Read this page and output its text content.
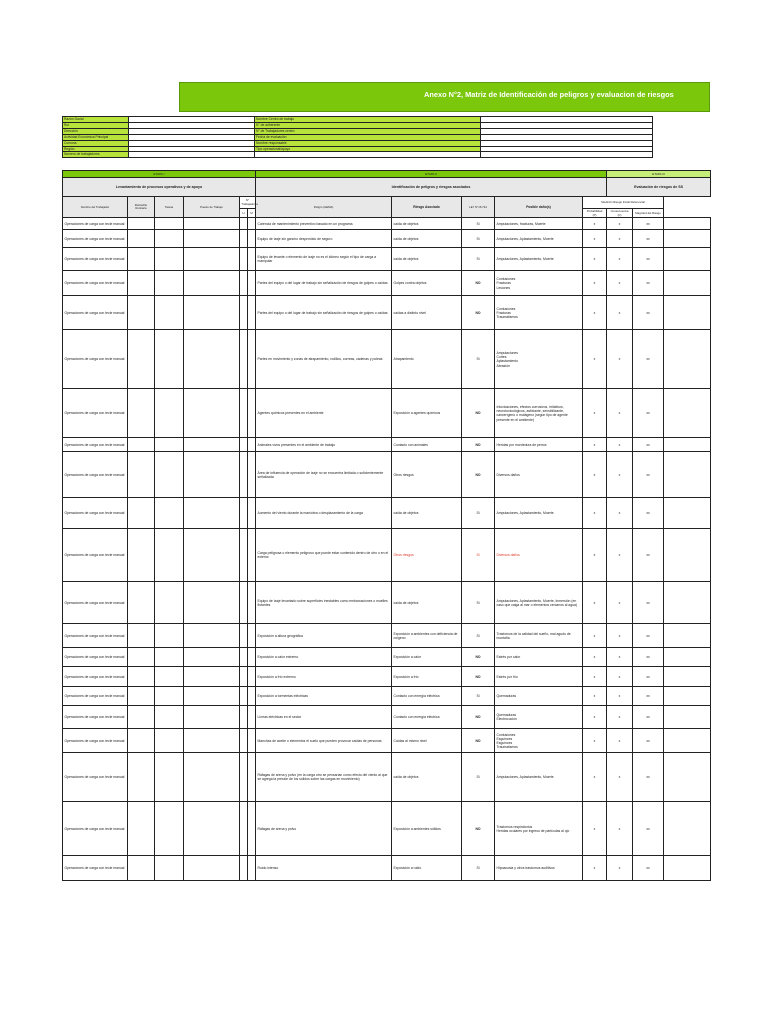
Anexo N°2, Matriz de Identificación de peligros y evaluacion de riesgos
Razón Social		Nombre Centro de trabajo	
Rut		N° de adherente	
Dirección		N° de Trabajadores centro	
Actividad Económica Principal		Fecha de evaluación	
Comuna		Nombre responsable	
Región		Tipo operacional/apoyo	
Número de trabajadores			
ETAPA I						ETAPA II					ETAPA III		
Levantamiento de procesos operativos y de apoyo						Identificación de peligros y riesgos asociados					Evaluación de riesgos de SS		
Nombre del Trabajador	Rutina/No Rutinaria	Tareas	Puesto de Trabajo	N° Trabajadores		Peligro (GEMA)	Riesgo Asociado	LEY N°16.744	Posible daño(s)	Medición Riesgo Inicial Referencial			
				H	M					Probabilidad (P)	Consecuencia (C)	Magnitud del Riesgo	
Operaciones de carga con tecle manual						Carencia de mantenimiento preventivo basado en un programa	caída de objetos	Si	Amputaciones, fracturas, Muerte	x	x	xx	
Operaciones de carga con tecle manual						Equipo de izaje sin gancho desprovisto de seguro	caída de objetos	Si	Amputaciones, Aplastamiento, Muerte	x	x	xx	
Operaciones de carga con tecle manual						Equipo de levante o elemento de izaje no es el idóneo según el tipo de carga a manipular	caída de objetos	Si	Amputaciones, Aplastamiento, Muerte	x	x	xx	
Operaciones de carga con tecle manual						Partes del equipo o del lugar de trabajo sin señalización de riesgos de golpes o caídas	Golpes contra objetos	NO	Contusiones
Fracturas
Lesiones	x	x	xx	
Operaciones de carga con tecle manual						Partes del equipo o del lugar de trabajo sin señalización de riesgos de golpes o caídas	caídas a distinto nivel	NO	Contusiones
Fracturas
Traumatismos	x	x	xx	
Operaciones de carga con tecle manual						Partes en movimiento y zonas de atrapamiento, rodillos, correas, cadenas y poleas	Atrapamiento	Si	Amputaciones
Cortes
Aplastamiento
Abrasión	x	x	xx	
Operaciones de carga con tecle manual						Agentes químicos presentes en el ambiente	Exposición a agentes químicos	NO	Intoxicaciones, efectos corrosivos, irritativos, neurotoxicológicos, asfixiante, sensibilizante, cancerígeno o mutágeno (según tipo de agente presente en el ambiente)	x	x	xx	
Operaciones de carga con tecle manual						Animales vivos presentes en el ambiente de trabajo	Contacto con animales	NO	Heridas por mordedura de perros	x	x	xx	
Operaciones de carga con tecle manual						Área de influencia de operación de izaje no se encuentra limitada o suficientemente señalizada	Otros riesgos	NO	Diversos daños	x	x	xx	
Operaciones de carga con tecle manual						Aumento del viento durante la maniobra o desplazamiento de la carga	caída de objetos	Si	Amputaciones, Aplastamiento, Muerte	x	x	xx	
Operaciones de carga con tecle manual						Carga peligrosa o elemento peligroso que puede estar contenido dentro de otro o en el exterior	Otros riesgos	Si	Diversos daños	x	x	xx	
Operaciones de carga con tecle manual						Equipo de izaje levantado sobre superficies inestables como embarcaciones o muelles flotantes	caída de objetos	Si	Amputaciones, Aplastamiento, Muerte, Inmersión (en caso que caiga al mar o elementos cercanos al agua)	x	x	xx	
Operaciones de carga con tecle manual						Exposición a altura geográfica	Exposición a ambientes con deficiencia de oxígeno	Si	Trastornos de la calidad del sueño, mal agudo de montaña	x	x	xx	
Operaciones de carga con tecle manual						Exposición a calor extremo	Exposición a calor	NO	Estrés por calor	x	x	xx	
Operaciones de carga con tecle manual						Exposición a frío extremo	Exposición a frío	NO	Estrés por frío	x	x	xx	
Operaciones de carga con tecle manual						Exposición a tormentas eléctricas	Contacto con energía eléctrica	Si	Quemaduras	x	x	xx	
Operaciones de carga con tecle manual						Líneas eléctricas en el sector	Contacto con energía eléctrica	NO	Quemaduras
Electrocución	x	x	xx	
Operaciones de carga con tecle manual						Manchas de aceite o elementos el suelo que pueden provocar caídas de personas	Caídas al mismo nivel	NO	Contusiones
Esguinces
Esguinces
Traumatismos	x	x	xx	
Operaciones de carga con tecle manual						Ráfagas de arena y polvo (en la carga otro se pensarían como efecto del viento al que se agrega la presión de los sólidos sobre las cargas en movimiento)	caída de objetos	Si	Amputaciones, Aplastamiento, Muerte	x	x	xx	
Operaciones de carga con tecle manual						Ráfagas de arena y polvo	Exposición a ambientes sólidos	NO	Trastornos respiratorios
Heridas oculares por ingreso de partículas al ojo	x	x	xx	
Operaciones de carga con tecle manual						Ruido intenso	Exposición a ruido	Si	Hipoacusia y otros trastornos auditivos	x	x	xx	
